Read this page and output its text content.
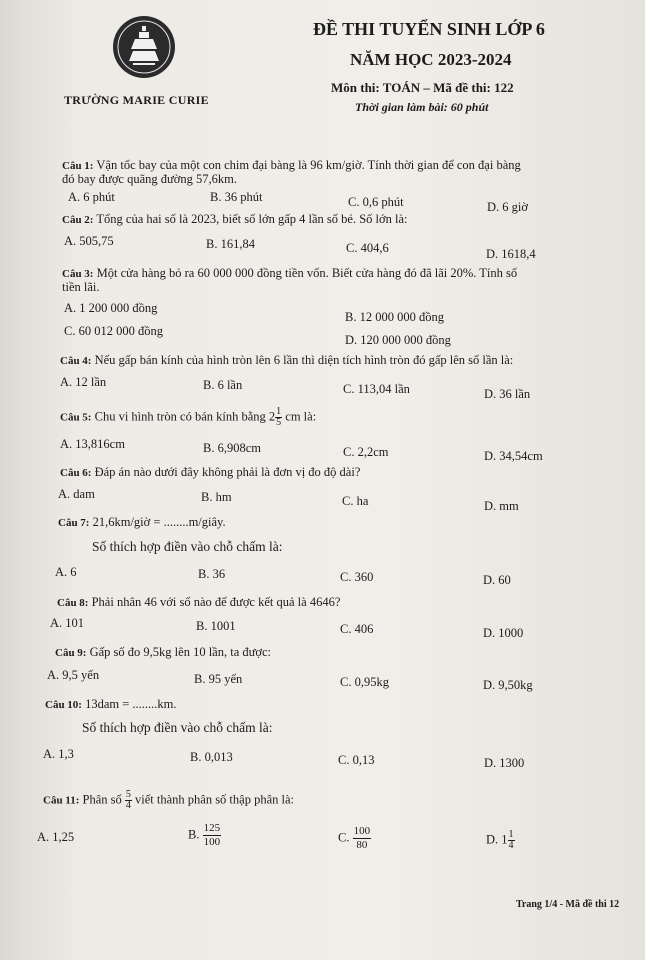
TRƯỜNG MARIE CURIE
ĐỀ THI TUYỂN SINH LỚP 6
NĂM HỌC 2023-2024
Môn thi: TOÁN – Mã đề thi: 122
Thời gian làm bài: 60 phút
Câu 1: Vận tốc bay của một con chim đại bàng là 96 km/giờ. Tính thời gian để con đại bàng
đó bay được quãng đường 57,6km.
A. 6 phút	B. 36 phút	C. 0,6 phút	D. 6 giờ
Câu 2: Tổng của hai số là 2023, biết số lớn gấp 4 lần số bé. Số lớn là:
A. 505,75	B. 161,84	C. 404,6	D. 1618,4
Câu 3: Một cửa hàng bỏ ra 60 000 000 đồng tiền vốn. Biết cửa hàng đó đã lãi 20%. Tính số
tiền lãi.
A. 1 200 000 đồng
B. 12 000 000 đồng
C. 60 012 000 đồng
D. 120 000 000 đồng
Câu 4: Nếu gấp bán kính của hình tròn lên 6 lần thì diện tích hình tròn đó gấp lên số lần là:
A. 12 lần	B. 6 lần	C. 113,04 lần	D. 36 lần
Câu 5: Chu vi hình tròn có bán kính bằng $2 \frac{1}{5}$ cm là:
A. 13,816cm	B. 6,908cm	C. 2,2cm	D. 34,54cm
Câu 6: Đáp án nào dưới đây không phải là đơn vị đo độ dài?
A. dam	B. hm	C. ha	D. mm
Câu 7: 21,6km/giờ = ........m/giây.
Số thích hợp điền vào chỗ chấm là:
A. 6	B. 36	C. 360	D. 60
Câu 8: Phải nhân 46 với số nào để được kết quả là 4646?
A. 101	B. 1001	C. 406	D. 1000
Câu 9: Gấp số đo 9,5kg lên 10 lần, ta được:
A. 9,5 yến	B. 95 yến	C. 0,95kg	D. 9,50kg
Câu 10: 13dam = ........km.
Số thích hợp điền vào chỗ chấm là:
A. 1,3	B. 0,013	C. 0,13	D. 1300
Câu 11: Phân số $\frac{5}{4}$ viết thành phân số thập phân là:
A. 1,25	B. $\frac{125}{100}$	C. $\frac{100}{80}$	D. $1 \frac{1}{4}$
Trang 1/4 - Mã đề thi 12
